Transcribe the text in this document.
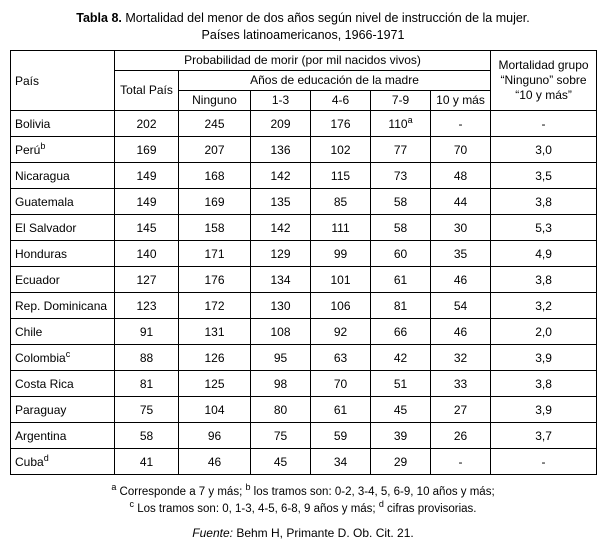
Tabla 8. Mortalidad del menor de dos años según nivel de instrucción de la mujer.
Países latinoamericanos, 1966-1971
País	Probabilidad de morir (por mil nacidos vivos)						Mortalidad grupo “Ninguno” sobre “10 y más”
	Total País	Años de educación de la madre					
		Ninguno	1-3	4-6	7-9	10 y más	
Bolivia	202	245	209	176	110$^a$	-	-
Perú$^b$	169	207	136	102	77	70	3,0
Nicaragua	149	168	142	115	73	48	3,5
Guatemala	149	169	135	85	58	44	3,8
El Salvador	145	158	142	111	58	30	5,3
Honduras	140	171	129	99	60	35	4,9
Ecuador	127	176	134	101	61	46	3,8
Rep. Dominicana	123	172	130	106	81	54	3,2
Chile	91	131	108	92	66	46	2,0
Colombia$^c$	88	126	95	63	42	32	3,9
Costa Rica	81	125	98	70	51	33	3,8
Paraguay	75	104	80	61	45	27	3,9
Argentina	58	96	75	59	39	26	3,7
Cuba$^d$	41	46	45	34	29	-	-
$^a$ Corresponde a 7 y más; $^b$ los tramos son: 0-2, 3-4, 5, 6-9, 10 años y más;
$^c$ Los tramos son: 0, 1-3, 4-5, 6-8, 9 años y más; $^d$ cifras provisorias.
Fuente: Behm H, Primante D. Ob. Cit. 21.
